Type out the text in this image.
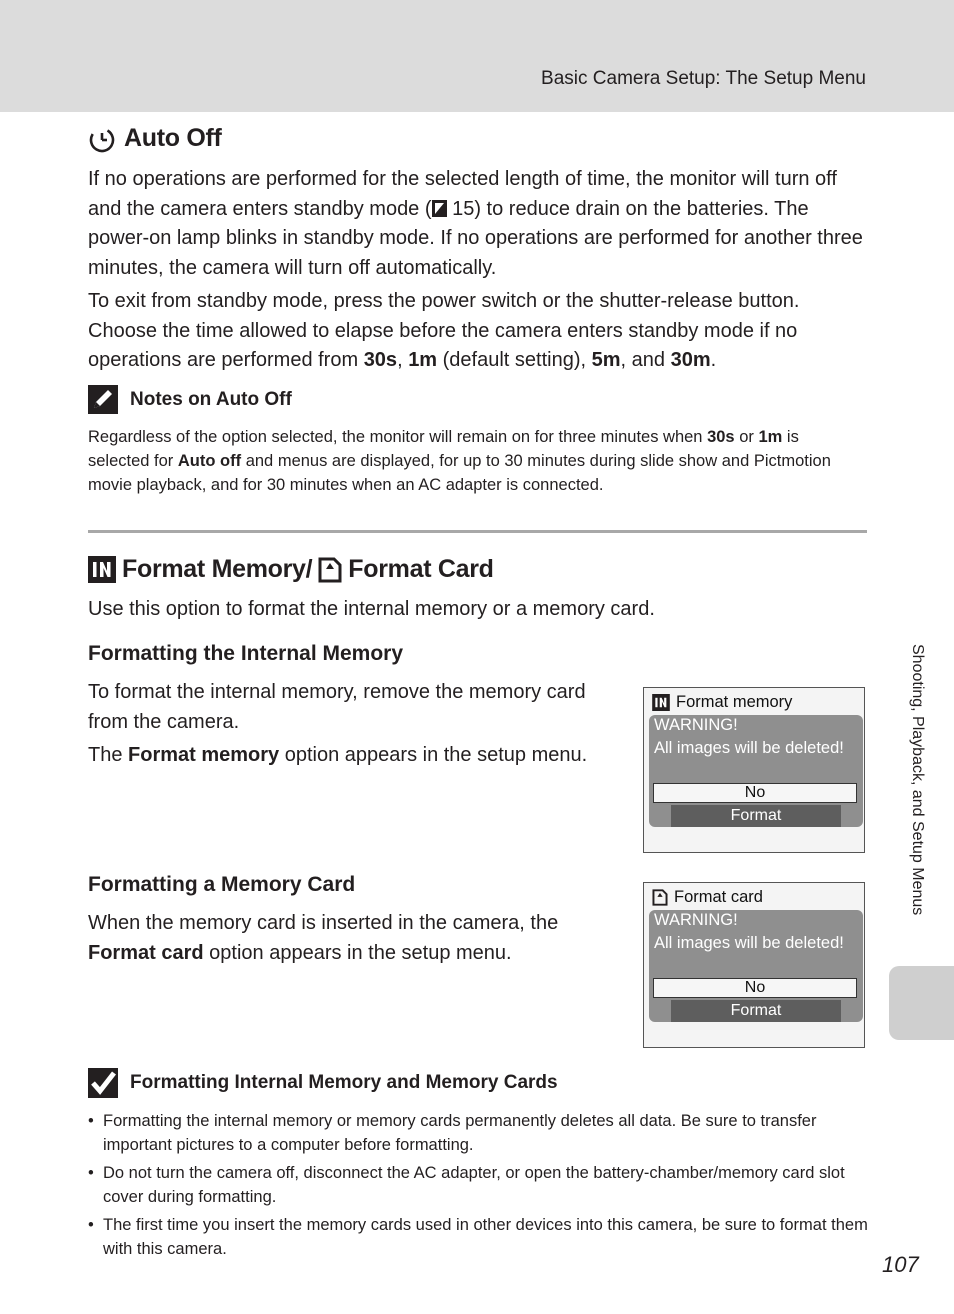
Basic Camera Setup: The Setup Menu
Auto Off
If no operations are performed for the selected length of time, the monitor will turn off and the camera enters standby mode ( 15) to reduce drain on the batteries. The power-on lamp blinks in standby mode. If no operations are performed for another three minutes, the camera will turn off automatically.
To exit from standby mode, press the power switch or the shutter-release button. Choose the time allowed to elapse before the camera enters standby mode if no operations are performed from 30s, 1m (default setting), 5m, and 30m.
Notes on Auto Off
Regardless of the option selected, the monitor will remain on for three minutes when 30s or 1m is selected for Auto off and menus are displayed, for up to 30 minutes during slide show and Pictmotion movie playback, and for 30 minutes when an AC adapter is connected.
Format Memory/ Format Card
Use this option to format the internal memory or a memory card.
Formatting the Internal Memory
To format the internal memory, remove the memory card from the camera.
The Format memory option appears in the setup menu.
Format memory
WARNING!
All images will be deleted!
No
Format
Formatting a Memory Card
When the memory card is inserted in the camera, the Format card option appears in the setup menu.
Format card
WARNING!
All images will be deleted!
No
Format
Formatting Internal Memory and Memory Cards
• Formatting the internal memory or memory cards permanently deletes all data. Be sure to transfer important pictures to a computer before formatting.
• Do not turn the camera off, disconnect the AC adapter, or open the battery-chamber/memory card slot cover during formatting.
• The first time you insert the memory cards used in other devices into this camera, be sure to format them with this camera.
Shooting, Playback, and Setup Menus
107
